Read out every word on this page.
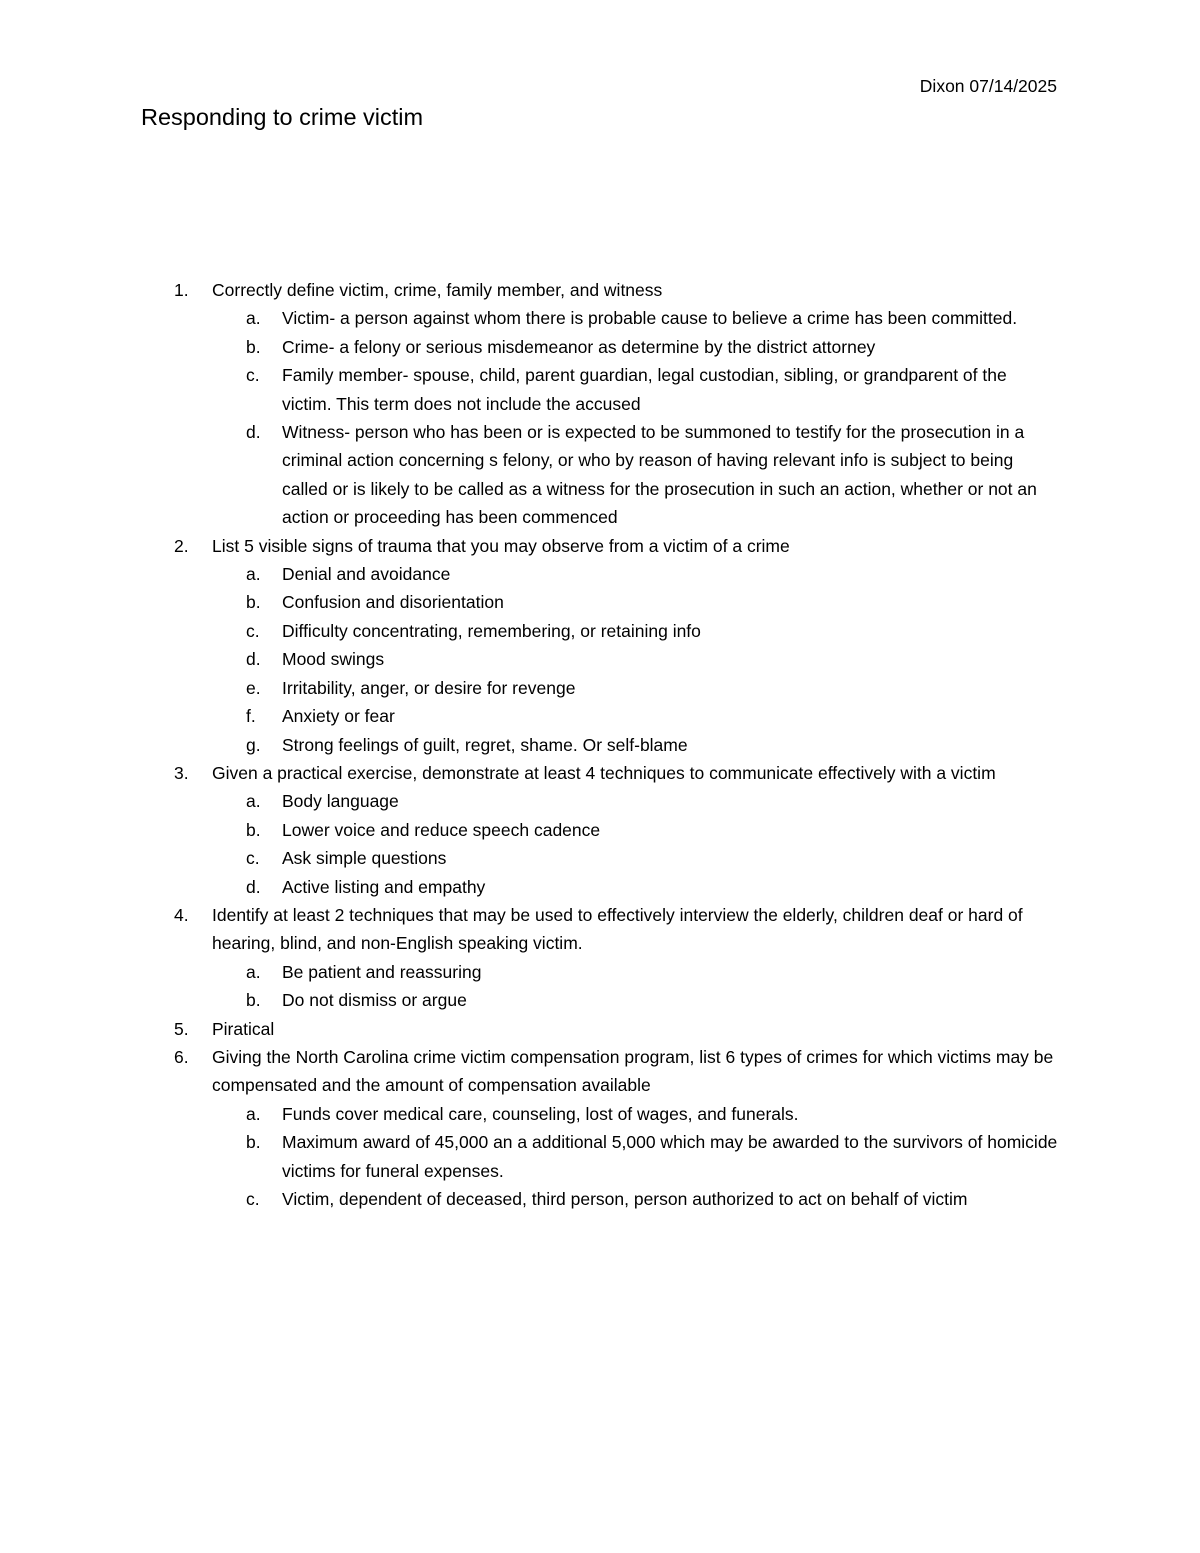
Dixon 07/14/2025
Responding to crime victim
1. Correctly define victim, crime, family member, and witness
a. Victim- a person against whom there is probable cause to believe a crime has been committed.
b. Crime- a felony or serious misdemeanor as determine by the district attorney
c. Family member- spouse, child, parent guardian, legal custodian, sibling, or grandparent of the victim. This term does not include the accused
d. Witness- person who has been or is expected to be summoned to testify for the prosecution in a criminal action concerning s felony, or who by reason of having relevant info is subject to being called or is likely to be called as a witness for the prosecution in such an action, whether or not an action or proceeding has been commenced
2. List 5 visible signs of trauma that you may observe from a victim of a crime
a. Denial and avoidance
b. Confusion and disorientation
c. Difficulty concentrating, remembering, or retaining info
d. Mood swings
e. Irritability, anger, or desire for revenge
f. Anxiety or fear
g. Strong feelings of guilt, regret, shame. Or self-blame
3. Given a practical exercise, demonstrate at least 4 techniques to communicate effectively with a victim
a. Body language
b. Lower voice and reduce speech cadence
c. Ask simple questions
d. Active listing and empathy
4. Identify at least 2 techniques that may be used to effectively interview the elderly, children deaf or hard of hearing, blind, and non-English speaking victim.
a. Be patient and reassuring
b. Do not dismiss or argue
5. Piratical
6. Giving the North Carolina crime victim compensation program, list 6 types of crimes for which victims may be compensated and the amount of compensation available
a. Funds cover medical care, counseling, lost of wages, and funerals.
b. Maximum award of 45,000 an a additional 5,000 which may be awarded to the survivors of homicide victims for funeral expenses.
c. Victim, dependent of deceased, third person, person authorized to act on behalf of victim
